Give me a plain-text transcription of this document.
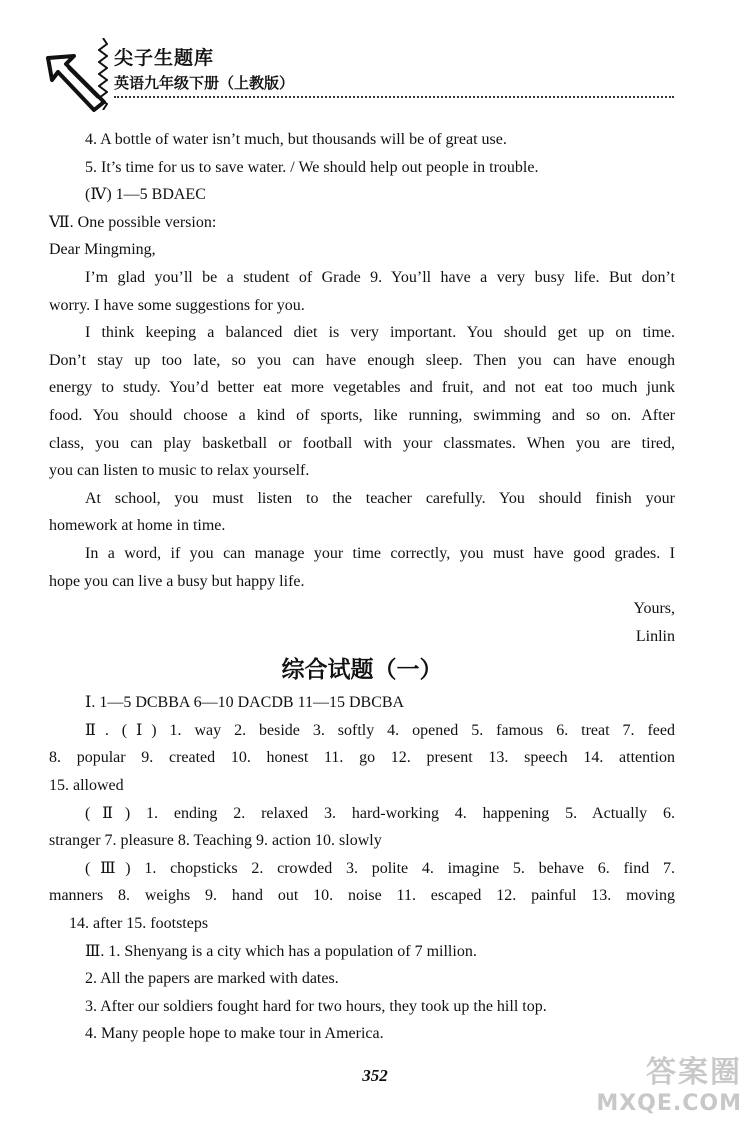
尖子生题库
英语九年级下册（上教版）
4. A bottle of water isn’t much, but thousands will be of great use.
5. It’s time for us to save water. / We should help out people in trouble.
(Ⅳ) 1—5 BDAEC
Ⅶ. One possible version:
Dear Mingming,
I’m glad you’ll be a student of Grade 9. You’ll have a very busy life. But don’t
worry. I have some suggestions for you.
I think keeping a balanced diet is very important. You should get up on time.
Don’t stay up too late, so you can have enough sleep. Then you can have enough
energy to study. You’d better eat more vegetables and fruit, and not eat too much junk
food. You should choose a kind of sports, like running, swimming and so on. After
class, you can play basketball or football with your classmates. When you are tired,
you can listen to music to relax yourself.
At school, you must listen to the teacher carefully. You should finish your
homework at home in time.
In a word, if you can manage your time correctly, you must have good grades. I
hope you can live a busy but happy life.
Yours,
Linlin
综合试题（一）
Ⅰ. 1—5 DCBBA 6—10 DACDB 11—15 DBCBA
Ⅱ. (Ⅰ) 1. way 2. beside 3. softly 4. opened 5. famous 6. treat 7. feed
8. popular 9. created 10. honest 11. go 12. present 13. speech 14. attention
15. allowed
(Ⅱ) 1. ending 2. relaxed 3. hard-working 4. happening 5. Actually 6.
stranger 7. pleasure 8. Teaching 9. action 10. slowly
(Ⅲ) 1. chopsticks 2. crowded 3. polite 4. imagine 5. behave 6. find 7.
manners 8. weighs 9. hand out 10. noise 11. escaped 12. painful 13. moving
14. after 15. footsteps
Ⅲ. 1. Shenyang is a city which has a population of 7 million.
2. All the papers are marked with dates.
3. After our soldiers fought hard for two hours, they took up the hill top.
4. Many people hope to make tour in America.
352	答案圈
MXQE.COM
